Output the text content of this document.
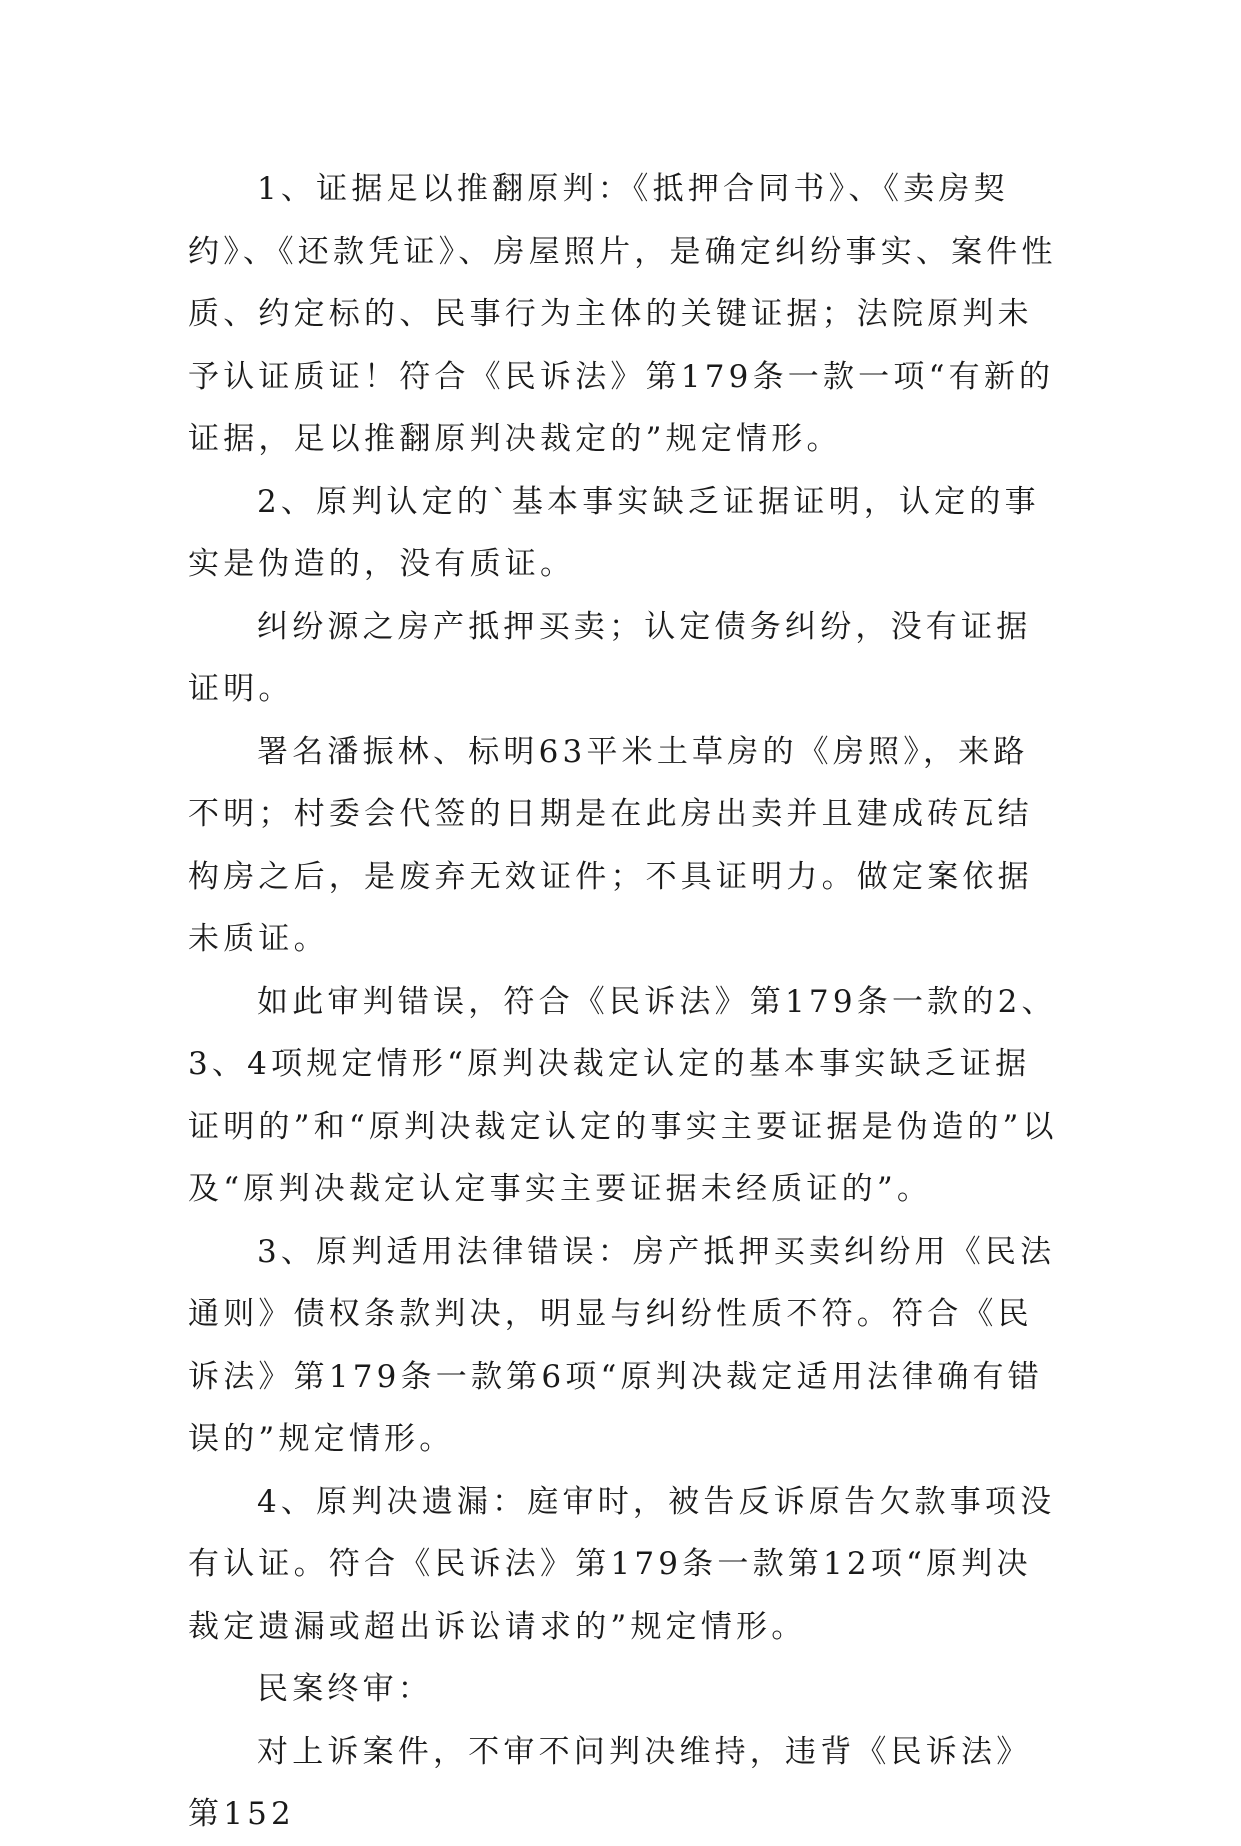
1、证据足以推翻原判：《抵押合同书》、《卖房契约》、《还款凭证》、房屋照片，是确定纠纷事实、案件性质、约定标的、民事行为主体的关键证据；法院原判未予认证质证！符合《民诉法》第179条一款一项“有新的证据，足以推翻原判决裁定的”规定情形。

2、原判认定的`基本事实缺乏证据证明，认定的事实是伪造的，没有质证。

纠纷源之房产抵押买卖；认定债务纠纷，没有证据证明。

署名潘振林、标明63平米土草房的《房照》，来路不明；村委会代签的日期是在此房出卖并且建成砖瓦结构房之后，是废弃无效证件；不具证明力。做定案依据未质证。

如此审判错误，符合《民诉法》第179条一款的2、3、4项规定情形“原判决裁定认定的基本事实缺乏证据证明的”和“原判决裁定认定的事实主要证据是伪造的”以及“原判决裁定认定事实主要证据未经质证的”。

3、原判适用法律错误：房产抵押买卖纠纷用《民法通则》债权条款判决，明显与纠纷性质不符。符合《民诉法》第179条一款第6项“原判决裁定适用法律确有错误的”规定情形。

4、原判决遗漏：庭审时，被告反诉原告欠款事项没有认证。符合《民诉法》第179条一款第12项“原判决裁定遗漏或超出诉讼请求的”规定情形。

民案终审：

对上诉案件，不审不问判决维持，违背《民诉法》第152
